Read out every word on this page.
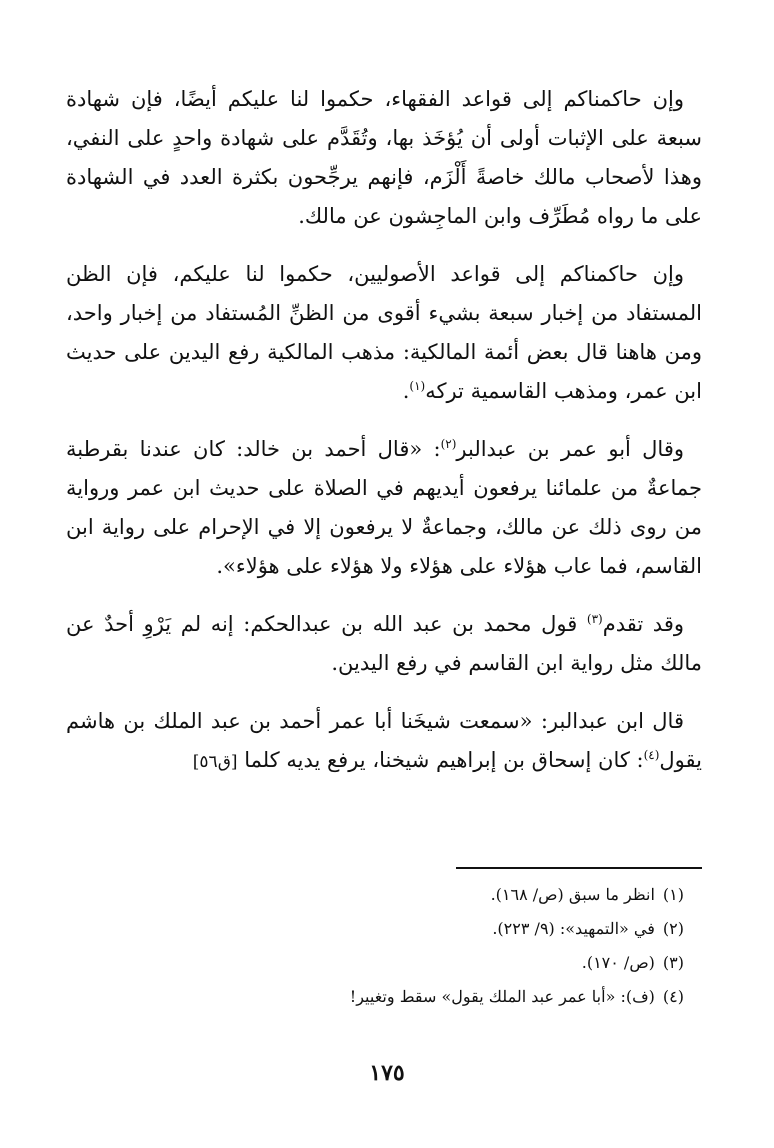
وإن حاكمناكم إلى قواعد الفقهاء، حكموا لنا عليكم أيضًا، فإن شهادة سبعة على الإثبات أولى أن يُؤخَذ بها، وتُقَدَّم على شهادة واحدٍ على النفي، وهذا لأصحاب مالك خاصةً أَلْزَم، فإنهم يرجِّحون بكثرة العدد في الشهادة على ما رواه مُطَرِّف وابن الماجِشون عن مالك.

وإن حاكمناكم إلى قواعد الأصوليين، حكموا لنا عليكم، فإن الظن المستفاد من إخبار سبعة بشيء أقوى من الظنِّ المُستفاد من إخبار واحد، ومن هاهنا قال بعض أئمة المالكية: مذهب المالكية رفع اليدين على حديث ابن عمر، ومذهب القاسمية تركه$^{(١)}$.

وقال أبو عمر بن عبدالبر$^{(٢)}$: «قال أحمد بن خالد: كان عندنا بقرطبة جماعةٌ من علمائنا يرفعون أيديهم في الصلاة على حديث ابن عمر ورواية من روى ذلك عن مالك، وجماعةٌ لا يرفعون إلا في الإحرام على رواية ابن القاسم، فما عاب هؤلاء على هؤلاء ولا هؤلاء على هؤلاء».

وقد تقدم$^{(٣)}$ قول محمد بن عبد الله بن عبدالحكم: إنه لم يَرْوِ أحدٌ عن مالك مثل رواية ابن القاسم في رفع اليدين.

قال ابن عبدالبر: «سمعت شيخَنا أبا عمر أحمد بن عبد الملك بن هاشم يقول$^{(٤)}$: كان إسحاق بن إبراهيم شيخنا، يرفع يديه كلما [ق٥٦]

(١)انظر ما سبق (ص/ ١٦٨).
(٢)في «التمهيد»: (٩/ ٢٢٣).
(٣)(ص/ ١٧٠).
(٤)(ف): «أبا عمر عبد الملك يقول» سقط وتغيير!
١٧٥
